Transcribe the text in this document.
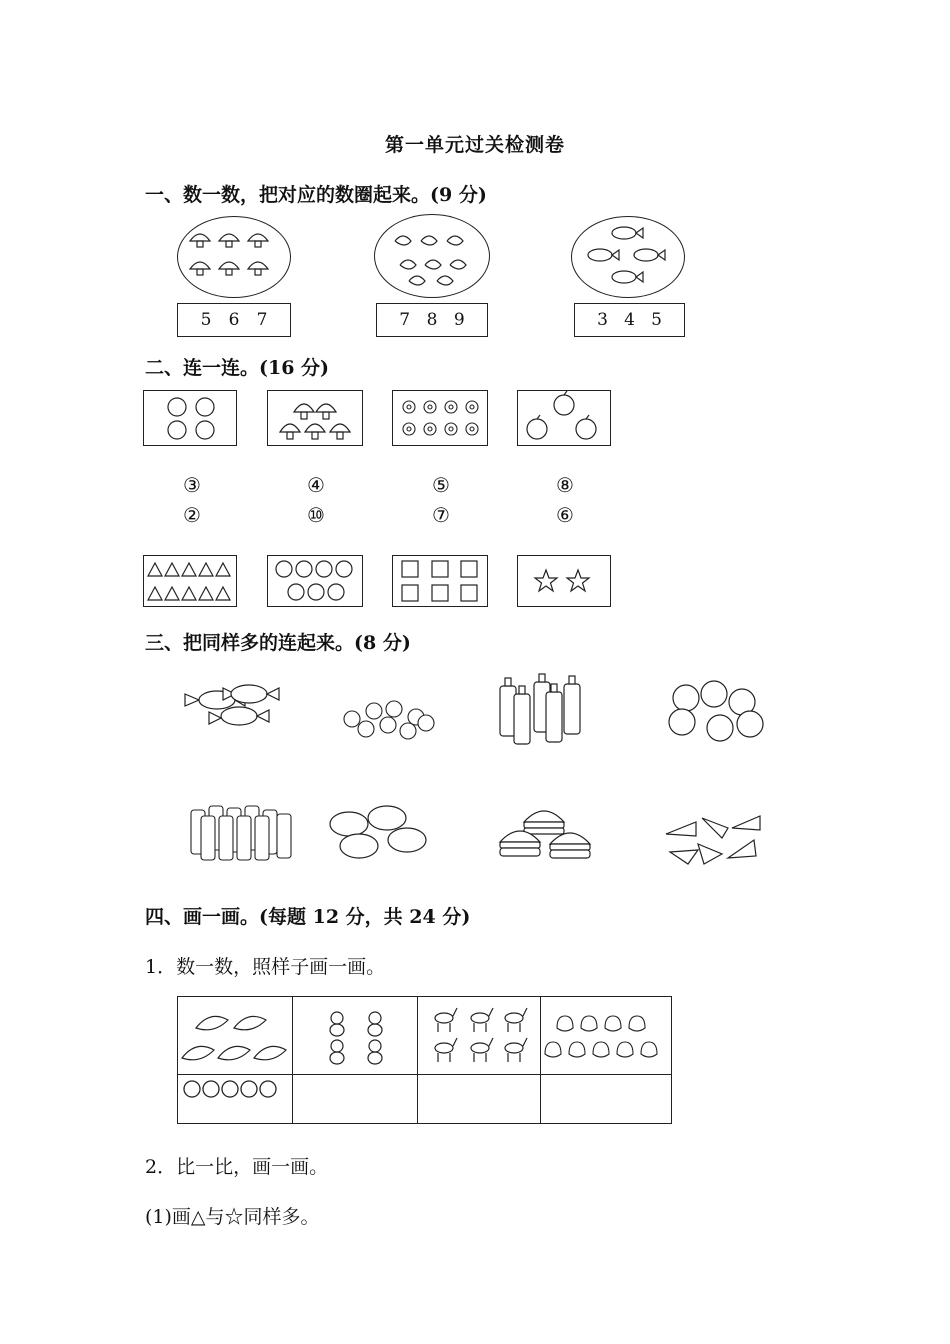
第一单元过关检测卷
一、数一数，把对应的数圈起来。(9 分)
5 6 7	7 8 9	3 4 5
二、连一连。(16 分)
③	④	⑤	⑧
②	⑩	⑦	⑥
三、把同样多的连起来。(8 分)
四、画一画。(每题 12 分，共 24 分)
1．数一数，照样子画一画。

2．比一比，画一画。
(1)画△与☆同样多。
